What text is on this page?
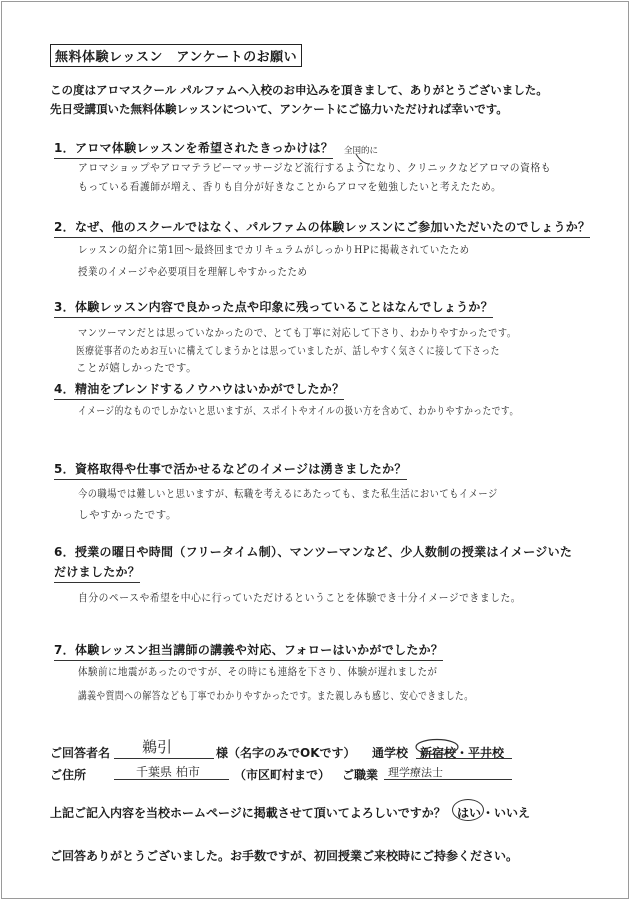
無料体験レッスン　アンケートのお願い
この度はアロマスクール パルファムへ入校のお申込みを頂きまして、ありがとうございました。
先日受講頂いた無料体験レッスンについて、アンケートにご協力いただければ幸いです。
1．アロマ体験レッスンを希望されたきっかけは？ 全国的に
アロマショップやアロマテラピーマッサージなど流行するようになり、クリニックなどアロマの資格も
もっている看護師が増え、香りも自分が好きなことからアロマを勉強したいと考えたため。
2．なぜ、他のスクールではなく、パルファムの体験レッスンにご参加いただいたのでしょうか？
レッスンの紹介に第1回～最終回までカリキュラムがしっかりHPに掲載されていたため
授業のイメージや必要項目を理解しやすかったため
3．体験レッスン内容で良かった点や印象に残っていることはなんでしょうか？
マンツーマンだとは思っていなかったので、とても丁寧に対応して下さり、わかりやすかったです。
医療従事者のためお互いに構えてしまうかとは思っていましたが、話しやすく気さくに接して下さった
ことが嬉しかったです。
4．精油をブレンドするノウハウはいかがでしたか？
イメージ的なものでしかないと思いますが、スポイトやオイルの扱い方を含めて、わかりやすかったです。
5．資格取得や仕事で活かせるなどのイメージは湧きましたか？
今の職場では難しいと思いますが、転職を考えるにあたっても、また私生活においてもイメージ
しやすかったです。
6．授業の曜日や時間（フリータイム制）、マンツーマンなど、少人数制の授業はイメージいた
だけましたか？
自分のペースや希望を中心に行っていただけるということを体験でき十分イメージできました。
7．体験レッスン担当講師の講義や対応、フォローはいかがでしたか？
体験前に地震があったのですが、その時にも連絡を下さり、体験が遅れましたが
講義や質問への解答なども丁寧でわかりやすかったです。また親しみも感じ、安心できました。
ご回答者名 鵜引	様（名字のみでOKです） 通学校 新宿校・平井校
ご住所	千葉県 柏市	（市区町村まで） ご職業 理学療法士
上記ご記入内容を当校ホームページに掲載させて頂いてよろしいですか？ はい ・ いいえ
ご回答ありがとうございました。お手数ですが、初回授業ご来校時にご持参ください。
